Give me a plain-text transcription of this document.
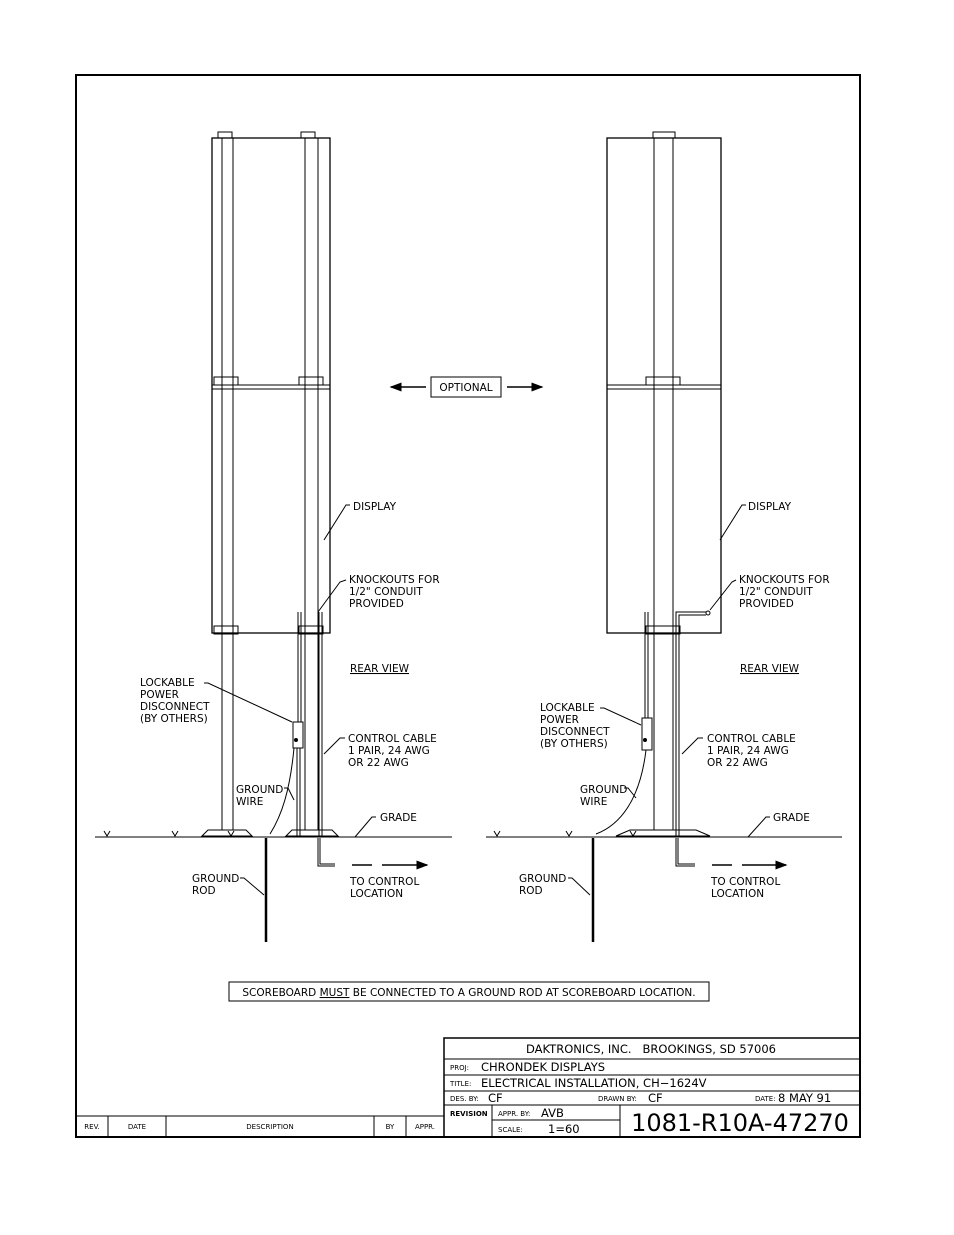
OPTIONAL
DISPLAY
KNOCKOUTS FOR
1/2" CONDUIT
PROVIDED
REAR VIEW
LOCKABLE
POWER
DISCONNECT
(BY OTHERS)
CONTROL CABLE
1 PAIR, 24 AWG
OR 22 AWG
GROUND
WIRE
GRADE
GROUND
ROD
TO CONTROL
LOCATION
DISPLAY
KNOCKOUTS FOR
1/2" CONDUIT
PROVIDED
REAR VIEW
LOCKABLE
POWER
DISCONNECT
(BY OTHERS)	CONTROL CABLE
1 PAIR, 24 AWG
OR 22 AWG
GROUND
WIRE
GRADE
GROUND
ROD
TO CONTROL
LOCATION
SCOREBOARD MUST BE CONNECTED TO A GROUND ROD AT SCOREBOARD LOCATION.
REV.	DATE	DESCRIPTION	BY	APPR.
DAKTRONICS, INC.   BROOKINGS, SD 57006
PROJ: CHRONDEK DISPLAYS
TITLE: ELECTRICAL INSTALLATION, CH−1624V
DES. BY: CF	DRAWN BY: CF	DATE: 8 MAY 91
REVISION APPR. BY: AVB
SCALE: 1=60 1081-R10A-47270
